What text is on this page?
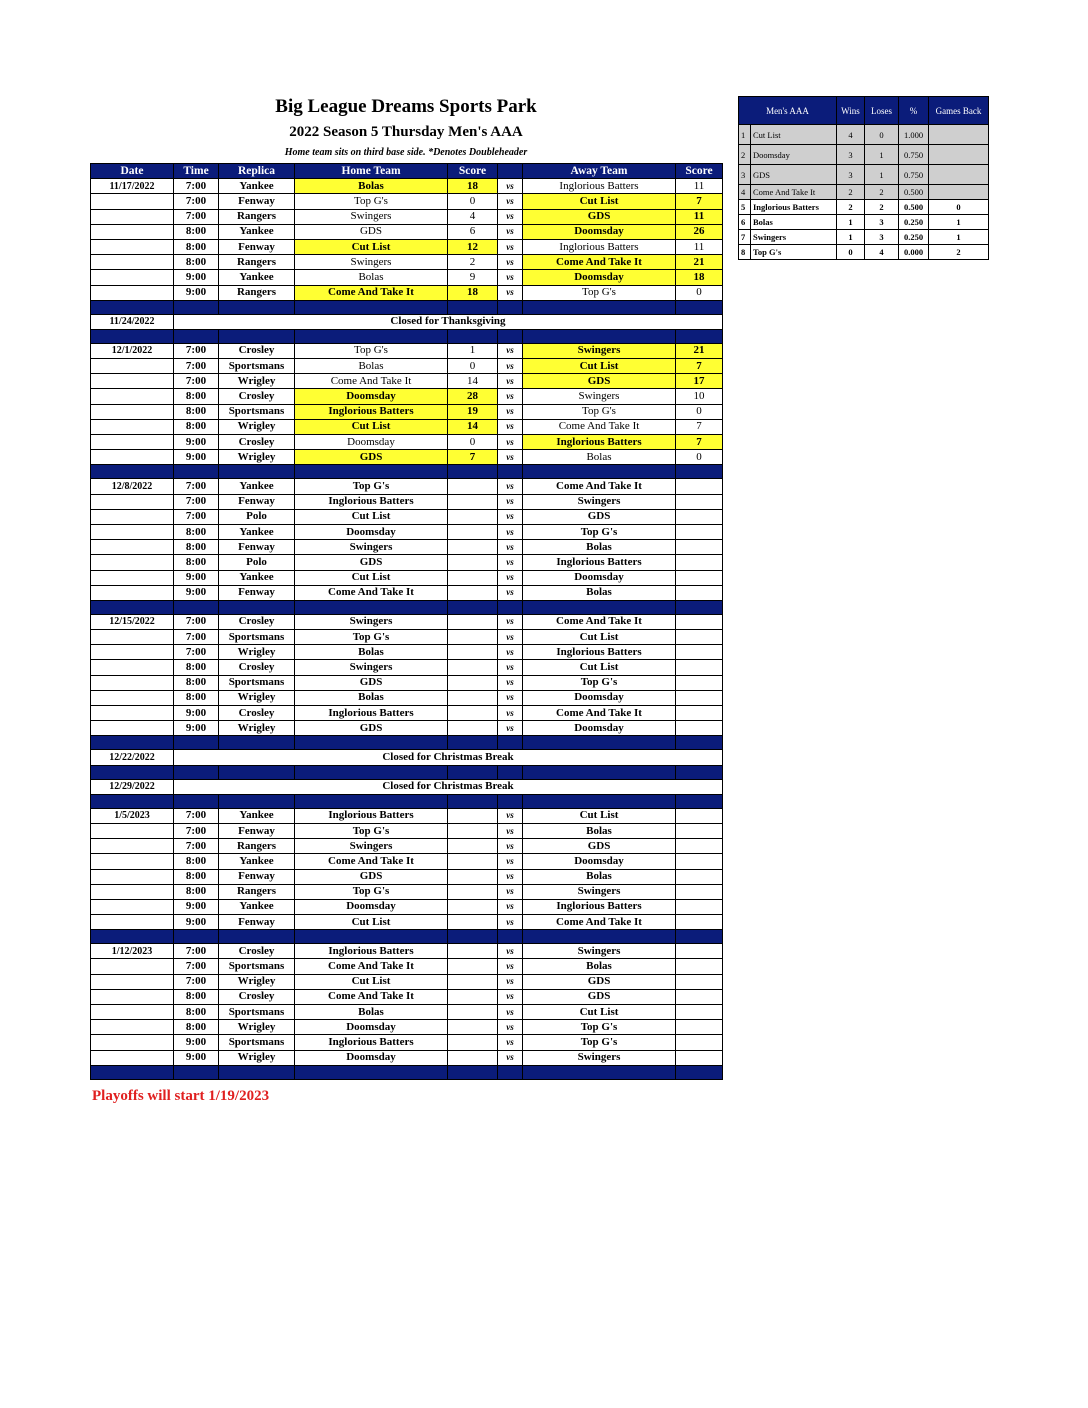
Big League Dreams Sports Park
2022 Season 5 Thursday Men's AAA
Home team sits on third base side. *Denotes Doubleheader
Date	Time	Replica	Home Team	Score		Away Team	Score
11/17/2022	7:00	Yankee	Bolas	18	vs	Inglorious Batters	11
	7:00	Fenway	Top G's	0	vs	Cut List	7
	7:00	Rangers	Swingers	4	vs	GDS	11
	8:00	Yankee	GDS	6	vs	Doomsday	26
	8:00	Fenway	Cut List	12	vs	Inglorious Batters	11
	8:00	Rangers	Swingers	2	vs	Come And Take It	21
	9:00	Yankee	Bolas	9	vs	Doomsday	18
	9:00	Rangers	Come And Take It	18	vs	Top G's	0

11/24/2022	Closed for Thanksgiving						

12/1/2022	7:00	Crosley	Top G's	1	vs	Swingers	21
	7:00	Sportsmans	Bolas	0	vs	Cut List	7
	7:00	Wrigley	Come And Take It	14	vs	GDS	17
	8:00	Crosley	Doomsday	28	vs	Swingers	10
	8:00	Sportsmans	Inglorious Batters	19	vs	Top G's	0
	8:00	Wrigley	Cut List	14	vs	Come And Take It	7
	9:00	Crosley	Doomsday	0	vs	Inglorious Batters	7
	9:00	Wrigley	GDS	7	vs	Bolas	0

12/8/2022	7:00	Yankee	Top G's		vs	Come And Take It	
	7:00	Fenway	Inglorious Batters		vs	Swingers	
	7:00	Polo	Cut List		vs	GDS	
	8:00	Yankee	Doomsday		vs	Top G's	
	8:00	Fenway	Swingers		vs	Bolas	
	8:00	Polo	GDS		vs	Inglorious Batters	
	9:00	Yankee	Cut List		vs	Doomsday	
	9:00	Fenway	Come And Take It		vs	Bolas	

12/15/2022	7:00	Crosley	Swingers		vs	Come And Take It	
	7:00	Sportsmans	Top G's		vs	Cut List	
	7:00	Wrigley	Bolas		vs	Inglorious Batters	
	8:00	Crosley	Swingers		vs	Cut List	
	8:00	Sportsmans	GDS		vs	Top G's	
	8:00	Wrigley	Bolas		vs	Doomsday	
	9:00	Crosley	Inglorious Batters		vs	Come And Take It	
	9:00	Wrigley	GDS		vs	Doomsday	

12/22/2022	Closed for Christmas Break						

12/29/2022	Closed for Christmas Break						

1/5/2023	7:00	Yankee	Inglorious Batters		vs	Cut List	
	7:00	Fenway	Top G's		vs	Bolas	
	7:00	Rangers	Swingers		vs	GDS	
	8:00	Yankee	Come And Take It		vs	Doomsday	
	8:00	Fenway	GDS		vs	Bolas	
	8:00	Rangers	Top G's		vs	Swingers	
	9:00	Yankee	Doomsday		vs	Inglorious Batters	
	9:00	Fenway	Cut List		vs	Come And Take It	

1/12/2023	7:00	Crosley	Inglorious Batters		vs	Swingers	
	7:00	Sportsmans	Come And Take It		vs	Bolas	
	7:00	Wrigley	Cut List		vs	GDS	
	8:00	Crosley	Come And Take It		vs	GDS	
	8:00	Sportsmans	Bolas		vs	Cut List	
	8:00	Wrigley	Doomsday		vs	Top G's	
	9:00	Sportsmans	Inglorious Batters		vs	Top G's	
	9:00	Wrigley	Doomsday		vs	Swingers	

Men's AAA		Wins	Loses	%	Games Back
1	Cut List	4	0	1.000	
2	Doomsday	3	1	0.750	
3	GDS	3	1	0.750	
4	Come And Take It	2	2	0.500	
5	Inglorious Batters	2	2	0.500	0
6	Bolas	1	3	0.250	1
7	Swingers	1	3	0.250	1
8	Top G's	0	4	0.000	2
Playoffs will start 1/19/2023
